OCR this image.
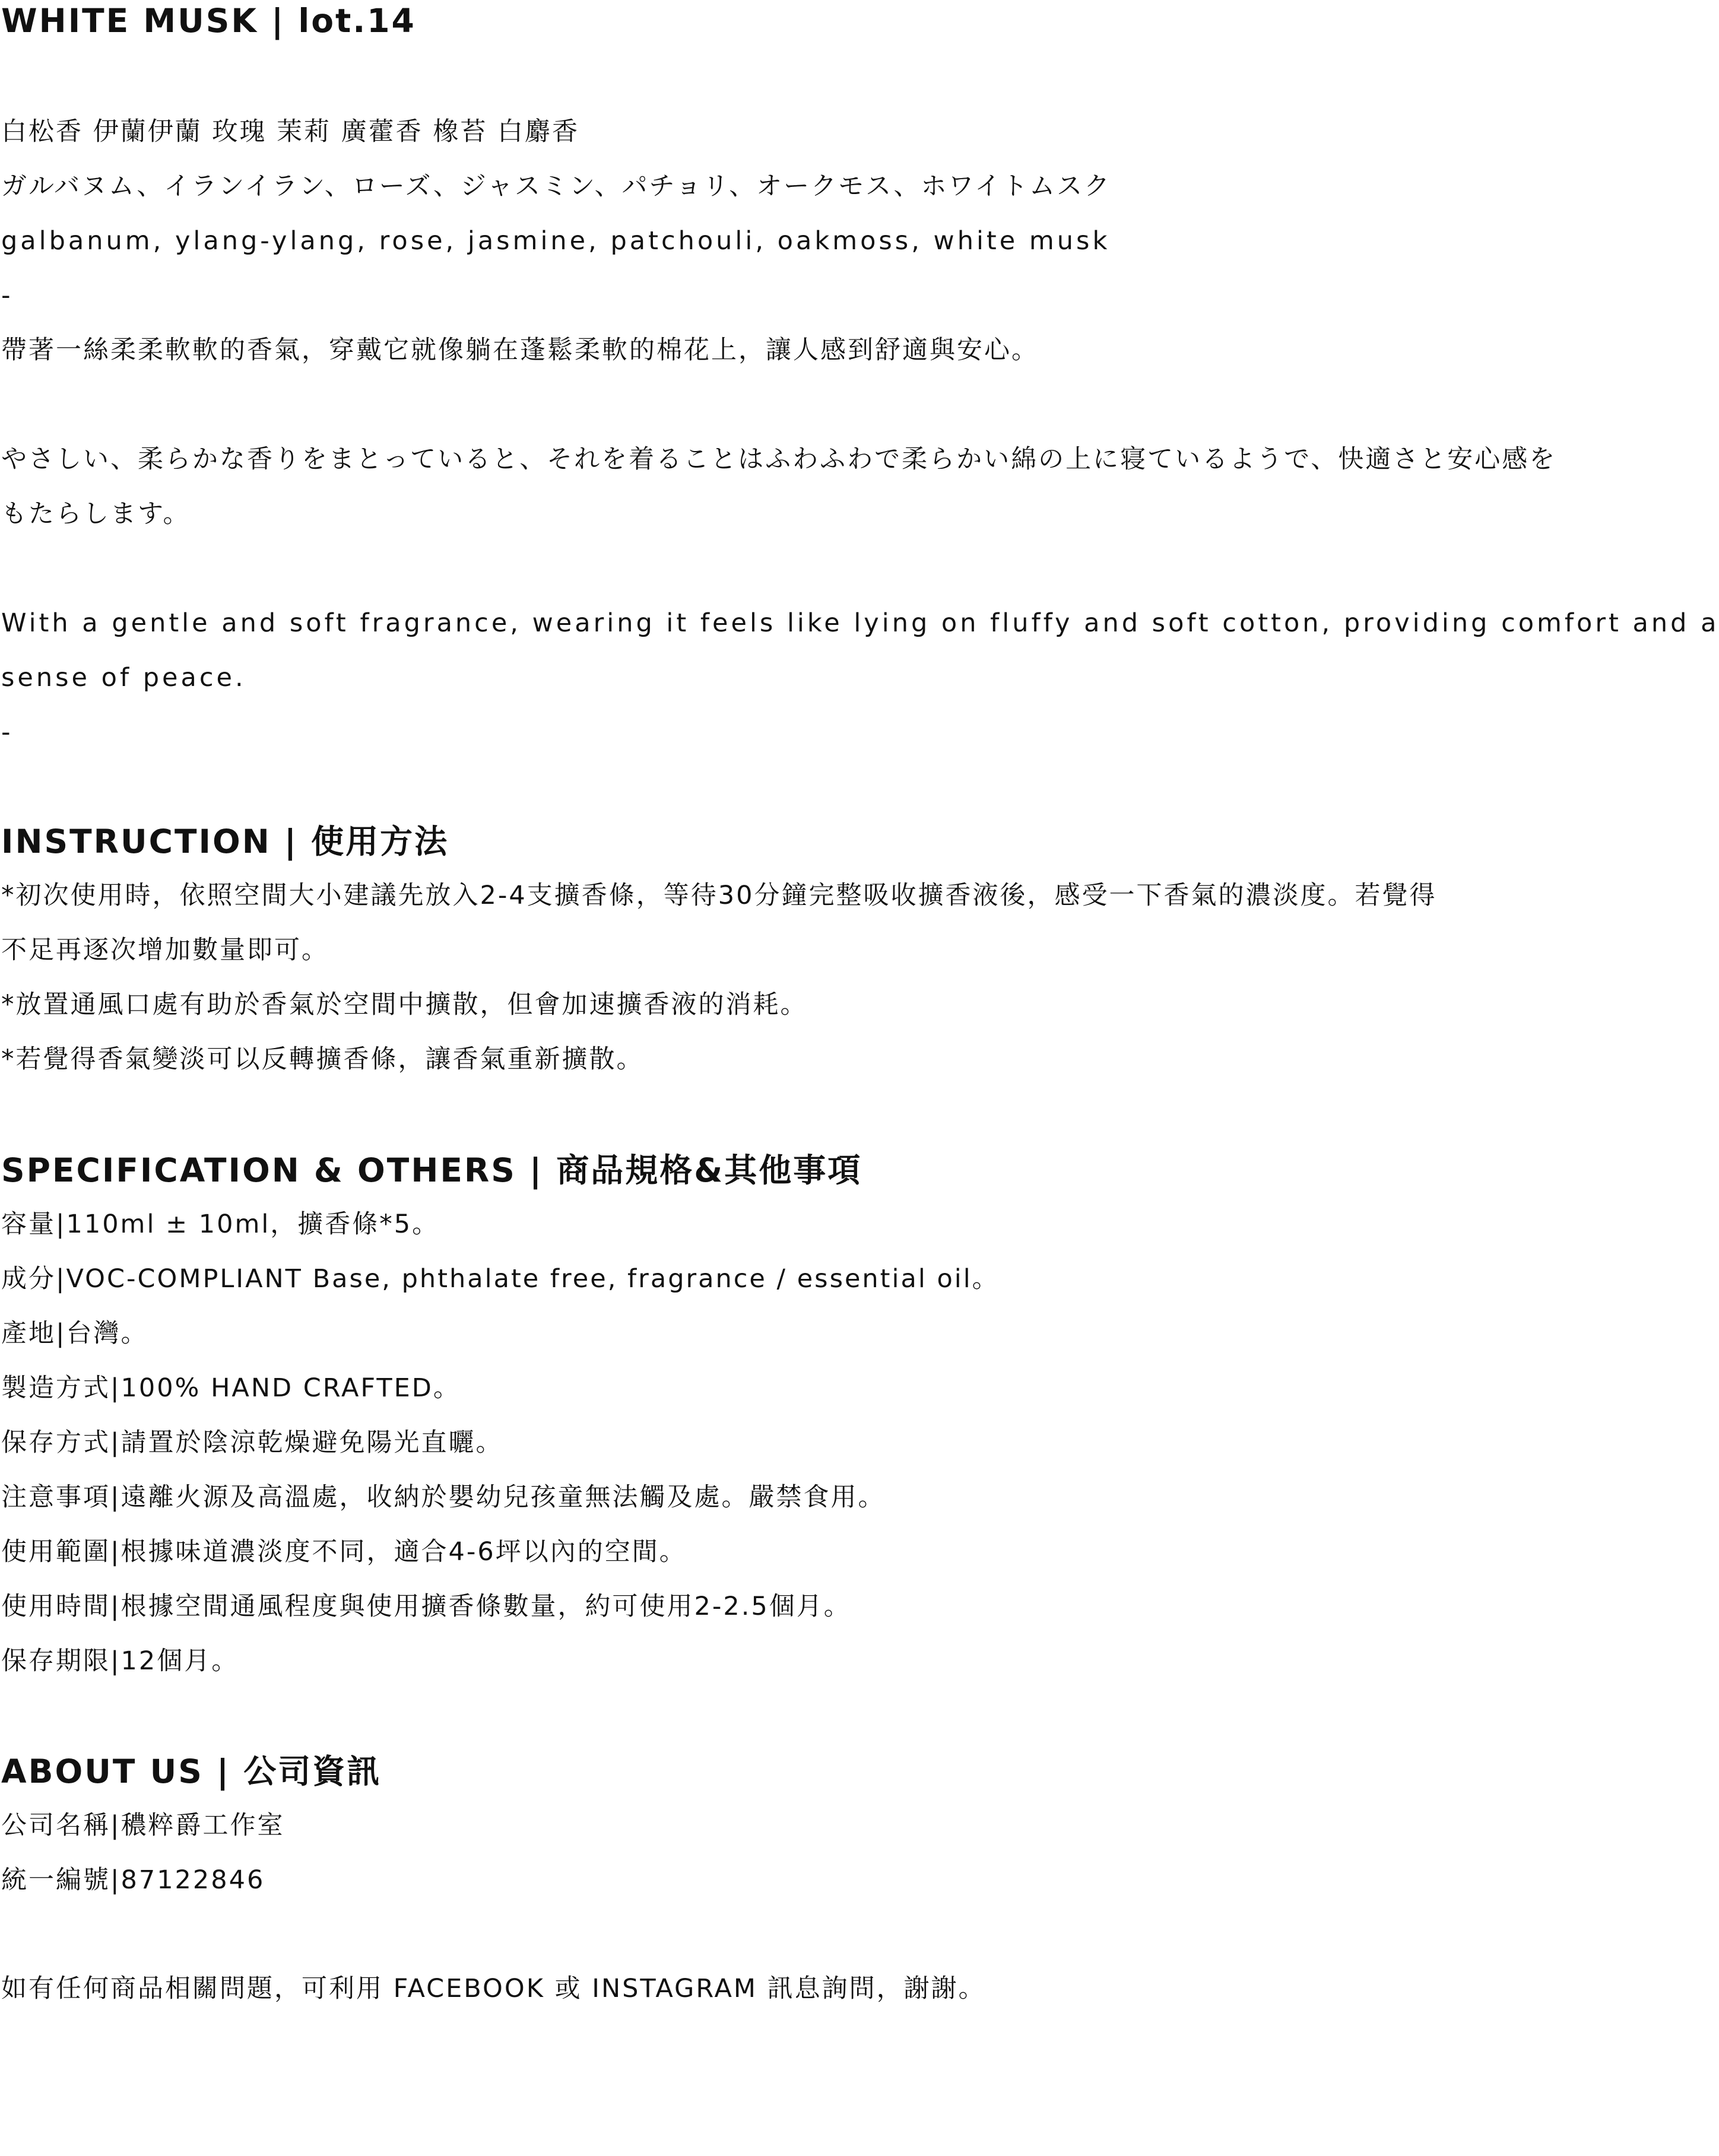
WHITE MUSK | lot.14

白松香 伊蘭伊蘭 玫瑰 茉莉 廣藿香 橡苔 白麝香

ガルバヌム、イランイラン、ローズ、ジャスミン、パチョリ、オークモス、ホワイトムスク

galbanum, ylang-ylang, rose, jasmine, patchouli, oakmoss, white musk

-

帶著一絲柔柔軟軟的香氣，穿戴它就像躺在蓬鬆柔軟的棉花上，讓人感到舒適與安心。

やさしい、柔らかな香りをまとっていると、それを着ることはふわふわで柔らかい綿の上に寝ているようで、快適さと安心感を

もたらします。

With a gentle and soft fragrance, wearing it feels like lying on fluffy and soft cotton, providing comfort and a

sense of peace.

-

INSTRUCTION | 使用方法

*初次使用時，依照空間大小建議先放入2-4支擴香條，等待30分鐘完整吸收擴香液後，感受一下香氣的濃淡度。若覺得

不足再逐次增加數量即可。

*放置通風口處有助於香氣於空間中擴散，但會加速擴香液的消耗。

*若覺得香氣變淡可以反轉擴香條，讓香氣重新擴散。

SPECIFICATION & OTHERS | 商品規格&其他事項

容量|110ml ± 10ml，擴香條*5。

成分|VOC-COMPLIANT Base, phthalate free, fragrance / essential oil。

產地|台灣。

製造方式|100% HAND CRAFTED。

保存方式|請置於陰涼乾燥避免陽光直曬。

注意事項|遠離火源及高溫處，收納於嬰幼兒孩童無法觸及處。嚴禁食用。

使用範圍|根據味道濃淡度不同，適合4-6坪以內的空間。

使用時間|根據空間通風程度與使用擴香條數量，約可使用2-2.5個月。

保存期限|12個月。

ABOUT US | 公司資訊

公司名稱|穠粹爵工作室

統一編號|87122846

如有任何商品相關問題，可利用 FACEBOOK 或 INSTAGRAM 訊息詢問，謝謝。
